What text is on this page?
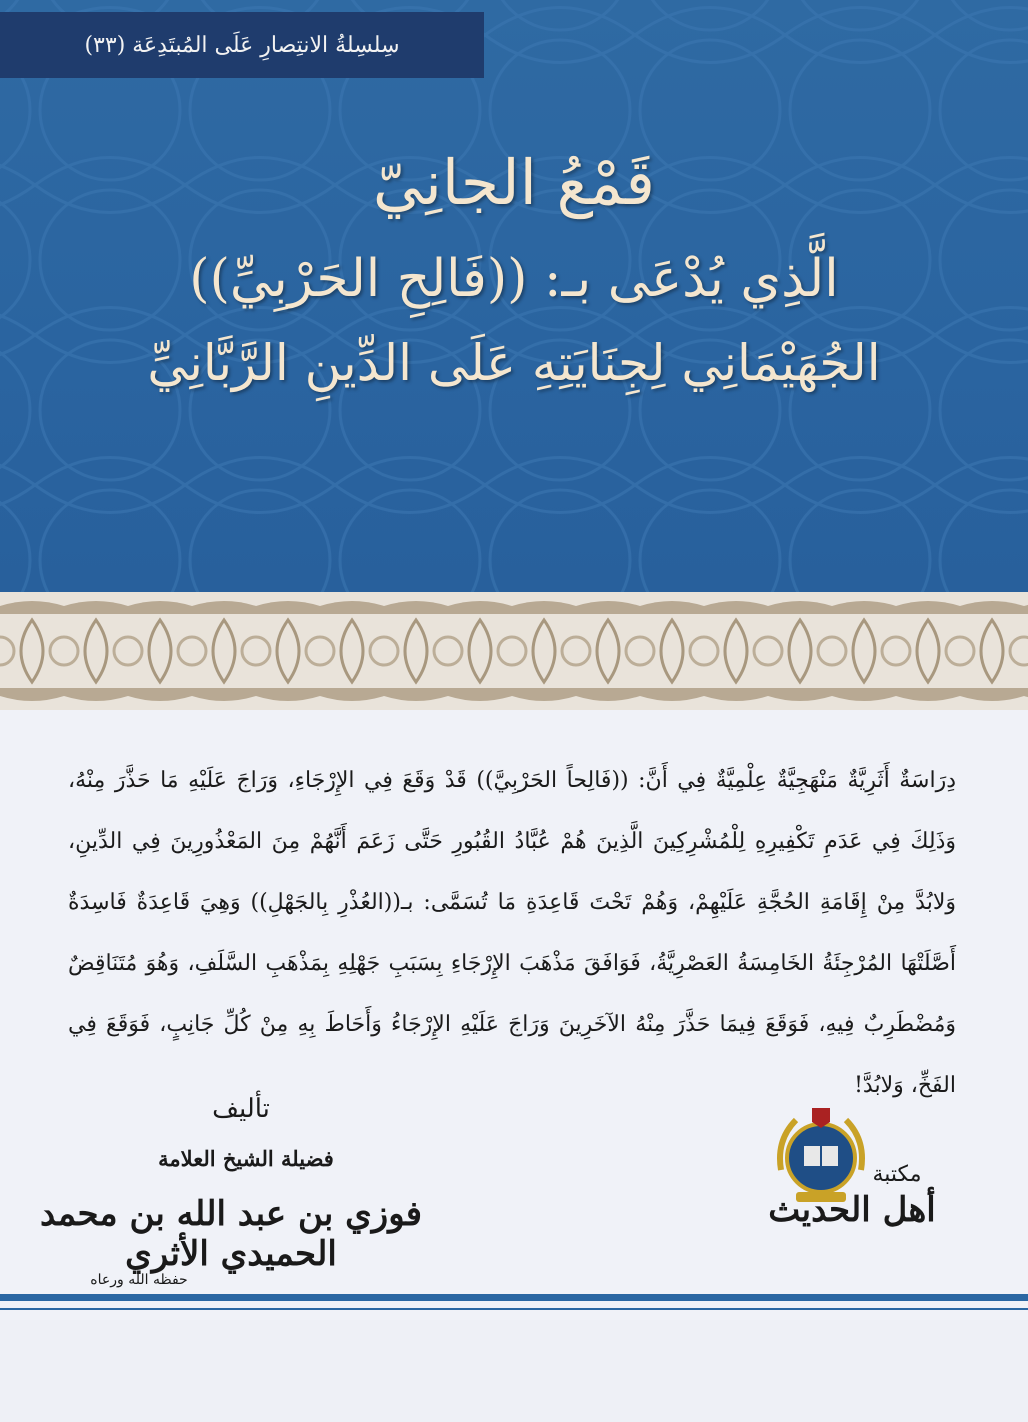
سِلسِلةُ الانتِصارِ عَلَى المُبتَدِعَة (٣٣)
قَمْعُ الجانِيّ
الَّذِي يُدْعَى بـ: ((فَالِحِ الحَرْبِيِّ))
الجُهَيْمَانِي لِجِنَايَتِهِ عَلَى الدِّينِ الرَّبَّانِيِّ
دِرَاسَةٌ أَثَرِيَّةٌ مَنْهَجِيَّةٌ عِلْمِيَّةٌ فِي أَنَّ: ((فَالِحاً الحَرْبِيَّ)) قَدْ وَقَعَ فِي الإِرْجَاءِ، وَرَاجَ عَلَيْهِ مَا حَذَّرَ مِنْهُ، وَذَلِكَ فِي عَدَمِ تَكْفِيرِهِ لِلْمُشْرِكِينَ الَّذِينَ هُمْ عُبَّادُ القُبُورِ حَتَّى زَعَمَ أَنَّهُمْ مِنَ المَعْذُورِينَ فِي الدِّينِ، وَلابُدَّ مِنْ إِقَامَةِ الحُجَّةِ عَلَيْهِمْ، وَهُمْ تَحْتَ قَاعِدَةِ مَا تُسَمَّى: بـ((العُذْرِ بِالجَهْلِ)) وَهِيَ قَاعِدَةٌ فَاسِدَةٌ أَصَّلَتْهَا المُرْجِئَةُ الخَامِسَةُ العَصْرِيَّةُ، فَوَافَقَ مَذْهَبَ الإِرْجَاءِ بِسَبَبِ جَهْلِهِ بِمَذْهَبِ السَّلَفِ، وَهُوَ مُتَنَاقِضٌ وَمُضْطَرِبٌ فِيهِ، فَوَقَعَ فِيمَا حَذَّرَ مِنْهُ الآخَرِينَ وَرَاجَ عَلَيْهِ الإِرْجَاءُ وَأَحَاطَ بِهِ مِنْ كُلِّ جَانِبٍ، فَوَقَعَ فِي الفَخِّ، وَلابُدَّ!
تأليف
فضيلة الشيخ العلامة
فوزي بن عبد الله بن محمد الحميدي الأثري
حفظه الله ورعاه
مكتبة
أهل الحديث
